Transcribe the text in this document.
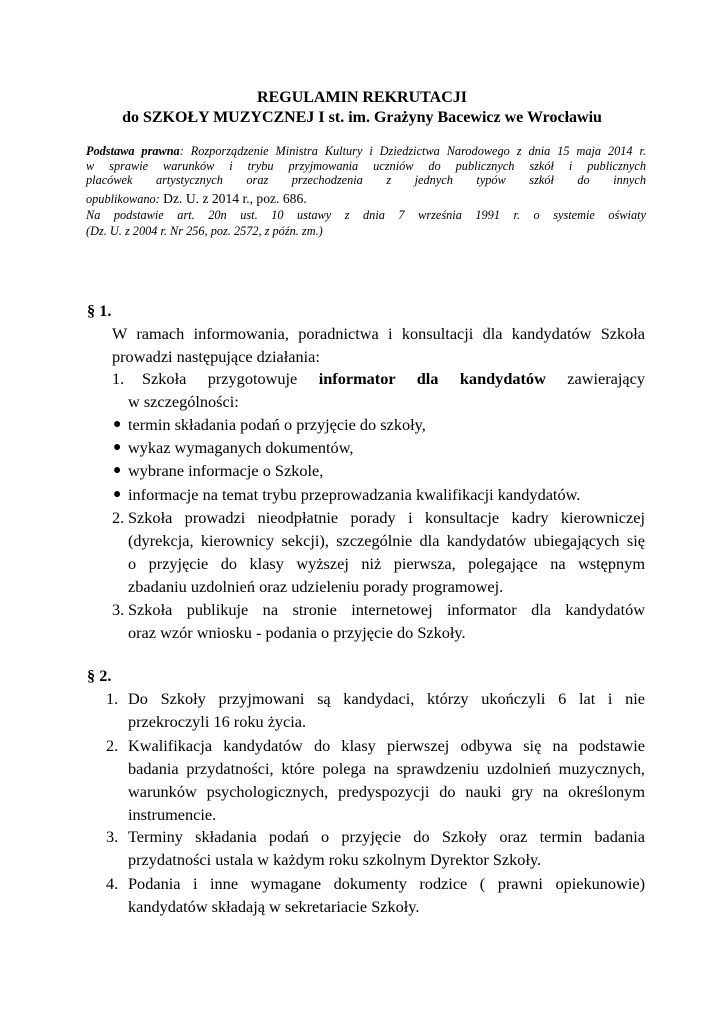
REGULAMIN REKRUTACJI
do SZKOŁY MUZYCZNEJ I st. im. Grażyny Bacewicz we Wrocławiu
Podstawa prawna: Rozporządzenie Ministra Kultury i Dziedzictwa Narodowego z dnia 15 maja 2014 r.

w sprawie warunków i trybu przyjmowania uczniów do publicznych szkół i publicznych
placówek artystycznych oraz przechodzenia z jednych typów szkół do innych
opublikowano: Dz. U. z 2014 r., poz. 686.
Na podstawie art. 20n ust. 10 ustawy z dnia 7 września 1991 r. o systemie oświaty
(Dz. U. z 2004 r. Nr 256, poz. 2572, z późn. zm.)
§ 1.
W ramach informowania, poradnictwa i konsultacji dla kandydatów Szkoła
prowadzi następujące działania:
1. Szkoła przygotowuje informator dla kandydatów zawierający
w szczególności:
● termin składania podań o przyjęcie do szkoły,
● wykaz wymaganych dokumentów,
● wybrane informacje o Szkole,
● informacje na temat trybu przeprowadzania kwalifikacji kandydatów.
2. Szkoła prowadzi nieodpłatnie porady i konsultacje kadry kierowniczej
(dyrekcja, kierownicy sekcji), szczególnie dla kandydatów ubiegających się
o przyjęcie do klasy wyższej niż pierwsza, polegające na wstępnym
zbadaniu uzdolnień oraz udzieleniu porady programowej.
3. Szkoła publikuje na stronie internetowej informator dla kandydatów
oraz wzór wniosku - podania o przyjęcie do Szkoły.
§ 2.
1. Do Szkoły przyjmowani są kandydaci, którzy ukończyli 6 lat i nie
przekroczyli 16 roku życia.
2. Kwalifikacja kandydatów do klasy pierwszej odbywa się na podstawie
badania przydatności, które polega na sprawdzeniu uzdolnień muzycznych,
warunków psychologicznych, predyspozycji do nauki gry na określonym
instrumencie.
3. Terminy składania podań o przyjęcie do Szkoły oraz termin badania
przydatności ustala w każdym roku szkolnym Dyrektor Szkoły.
4. Podania i inne wymagane dokumenty rodzice ( prawni opiekunowie)
kandydatów składają w sekretariacie Szkoły.
